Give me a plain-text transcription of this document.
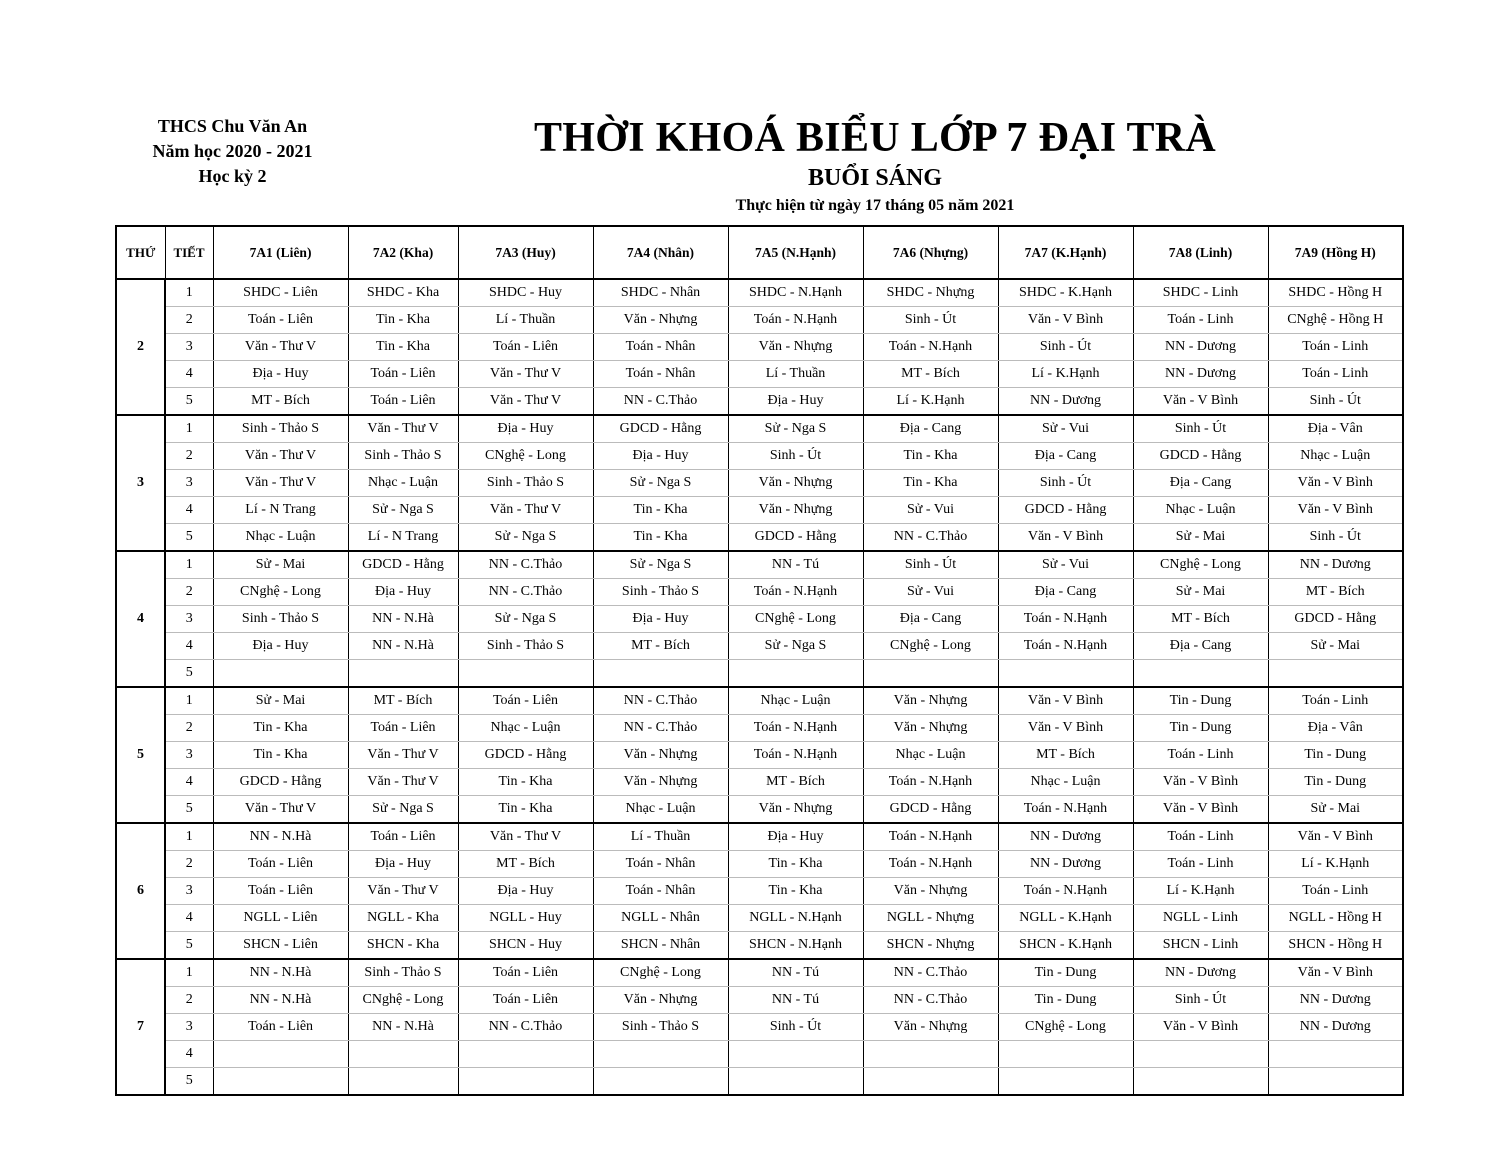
THCS Chu Văn An
Năm học 2020 - 2021
Học kỳ 2
THỜI KHOÁ BIỂU LỚP 7 ĐẠI TRÀ
BUỔI SÁNG
Thực hiện từ ngày 17 tháng 05 năm 2021
THỨ	TIẾT	7A1 (Liên)	7A2 (Kha)	7A3 (Huy)	7A4 (Nhân)	7A5 (N.Hạnh)	7A6 (Nhựng)	7A7 (K.Hạnh)	7A8 (Linh)	7A9 (Hồng H)
2	1	SHDC - Liên	SHDC - Kha	SHDC - Huy	SHDC - Nhân	SHDC - N.Hạnh	SHDC - Nhựng	SHDC - K.Hạnh	SHDC - Linh	SHDC - Hồng H
	2	Toán - Liên	Tin - Kha	Lí - Thuần	Văn - Nhựng	Toán - N.Hạnh	Sinh - Út	Văn - V Bình	Toán - Linh	CNghệ - Hồng H
	3	Văn - Thư V	Tin - Kha	Toán - Liên	Toán - Nhân	Văn - Nhựng	Toán - N.Hạnh	Sinh - Út	NN - Dương	Toán - Linh
	4	Địa - Huy	Toán - Liên	Văn - Thư V	Toán - Nhân	Lí - Thuần	MT - Bích	Lí - K.Hạnh	NN - Dương	Toán - Linh
	5	MT - Bích	Toán - Liên	Văn - Thư V	NN - C.Thảo	Địa - Huy	Lí - K.Hạnh	NN - Dương	Văn - V Bình	Sinh - Út
3	1	Sinh - Thảo S	Văn - Thư V	Địa - Huy	GDCD - Hằng	Sử - Nga S	Địa - Cang	Sử - Vui	Sinh - Út	Địa - Vân
	2	Văn - Thư V	Sinh - Thảo S	CNghệ - Long	Địa - Huy	Sinh - Út	Tin - Kha	Địa - Cang	GDCD - Hằng	Nhạc - Luận
	3	Văn - Thư V	Nhạc - Luận	Sinh - Thảo S	Sử - Nga S	Văn - Nhựng	Tin - Kha	Sinh - Út	Địa - Cang	Văn - V Bình
	4	Lí - N Trang	Sử - Nga S	Văn - Thư V	Tin - Kha	Văn - Nhựng	Sử - Vui	GDCD - Hằng	Nhạc - Luận	Văn - V Bình
	5	Nhạc - Luận	Lí - N Trang	Sử - Nga S	Tin - Kha	GDCD - Hằng	NN - C.Thảo	Văn - V Bình	Sử - Mai	Sinh - Út
4	1	Sử - Mai	GDCD - Hằng	NN - C.Thảo	Sử - Nga S	NN - Tú	Sinh - Út	Sử - Vui	CNghệ - Long	NN - Dương
	2	CNghệ - Long	Địa - Huy	NN - C.Thảo	Sinh - Thảo S	Toán - N.Hạnh	Sử - Vui	Địa - Cang	Sử - Mai	MT - Bích
	3	Sinh - Thảo S	NN - N.Hà	Sử - Nga S	Địa - Huy	CNghệ - Long	Địa - Cang	Toán - N.Hạnh	MT - Bích	GDCD - Hằng
	4	Địa - Huy	NN - N.Hà	Sinh - Thảo S	MT - Bích	Sử - Nga S	CNghệ - Long	Toán - N.Hạnh	Địa - Cang	Sử - Mai
	5									
5	1	Sử - Mai	MT - Bích	Toán - Liên	NN - C.Thảo	Nhạc - Luận	Văn - Nhựng	Văn - V Bình	Tin - Dung	Toán - Linh
	2	Tin - Kha	Toán - Liên	Nhạc - Luận	NN - C.Thảo	Toán - N.Hạnh	Văn - Nhựng	Văn - V Bình	Tin - Dung	Địa - Vân
	3	Tin - Kha	Văn - Thư V	GDCD - Hằng	Văn - Nhựng	Toán - N.Hạnh	Nhạc - Luận	MT - Bích	Toán - Linh	Tin - Dung
	4	GDCD - Hằng	Văn - Thư V	Tin - Kha	Văn - Nhựng	MT - Bích	Toán - N.Hạnh	Nhạc - Luận	Văn - V Bình	Tin - Dung
	5	Văn - Thư V	Sử - Nga S	Tin - Kha	Nhạc - Luận	Văn - Nhựng	GDCD - Hằng	Toán - N.Hạnh	Văn - V Bình	Sử - Mai
6	1	NN - N.Hà	Toán - Liên	Văn - Thư V	Lí - Thuần	Địa - Huy	Toán - N.Hạnh	NN - Dương	Toán - Linh	Văn - V Bình
	2	Toán - Liên	Địa - Huy	MT - Bích	Toán - Nhân	Tin - Kha	Toán - N.Hạnh	NN - Dương	Toán - Linh	Lí - K.Hạnh
	3	Toán - Liên	Văn - Thư V	Địa - Huy	Toán - Nhân	Tin - Kha	Văn - Nhựng	Toán - N.Hạnh	Lí - K.Hạnh	Toán - Linh
	4	NGLL - Liên	NGLL - Kha	NGLL - Huy	NGLL - Nhân	NGLL - N.Hạnh	NGLL - Nhựng	NGLL - K.Hạnh	NGLL - Linh	NGLL - Hồng H
	5	SHCN - Liên	SHCN - Kha	SHCN - Huy	SHCN - Nhân	SHCN - N.Hạnh	SHCN - Nhựng	SHCN - K.Hạnh	SHCN - Linh	SHCN - Hồng H
7	1	NN - N.Hà	Sinh - Thảo S	Toán - Liên	CNghệ - Long	NN - Tú	NN - C.Thảo	Tin - Dung	NN - Dương	Văn - V Bình
	2	NN - N.Hà	CNghệ - Long	Toán - Liên	Văn - Nhựng	NN - Tú	NN - C.Thảo	Tin - Dung	Sinh - Út	NN - Dương
	3	Toán - Liên	NN - N.Hà	NN - C.Thảo	Sinh - Thảo S	Sinh - Út	Văn - Nhựng	CNghệ - Long	Văn - V Bình	NN - Dương
	4									
	5									
